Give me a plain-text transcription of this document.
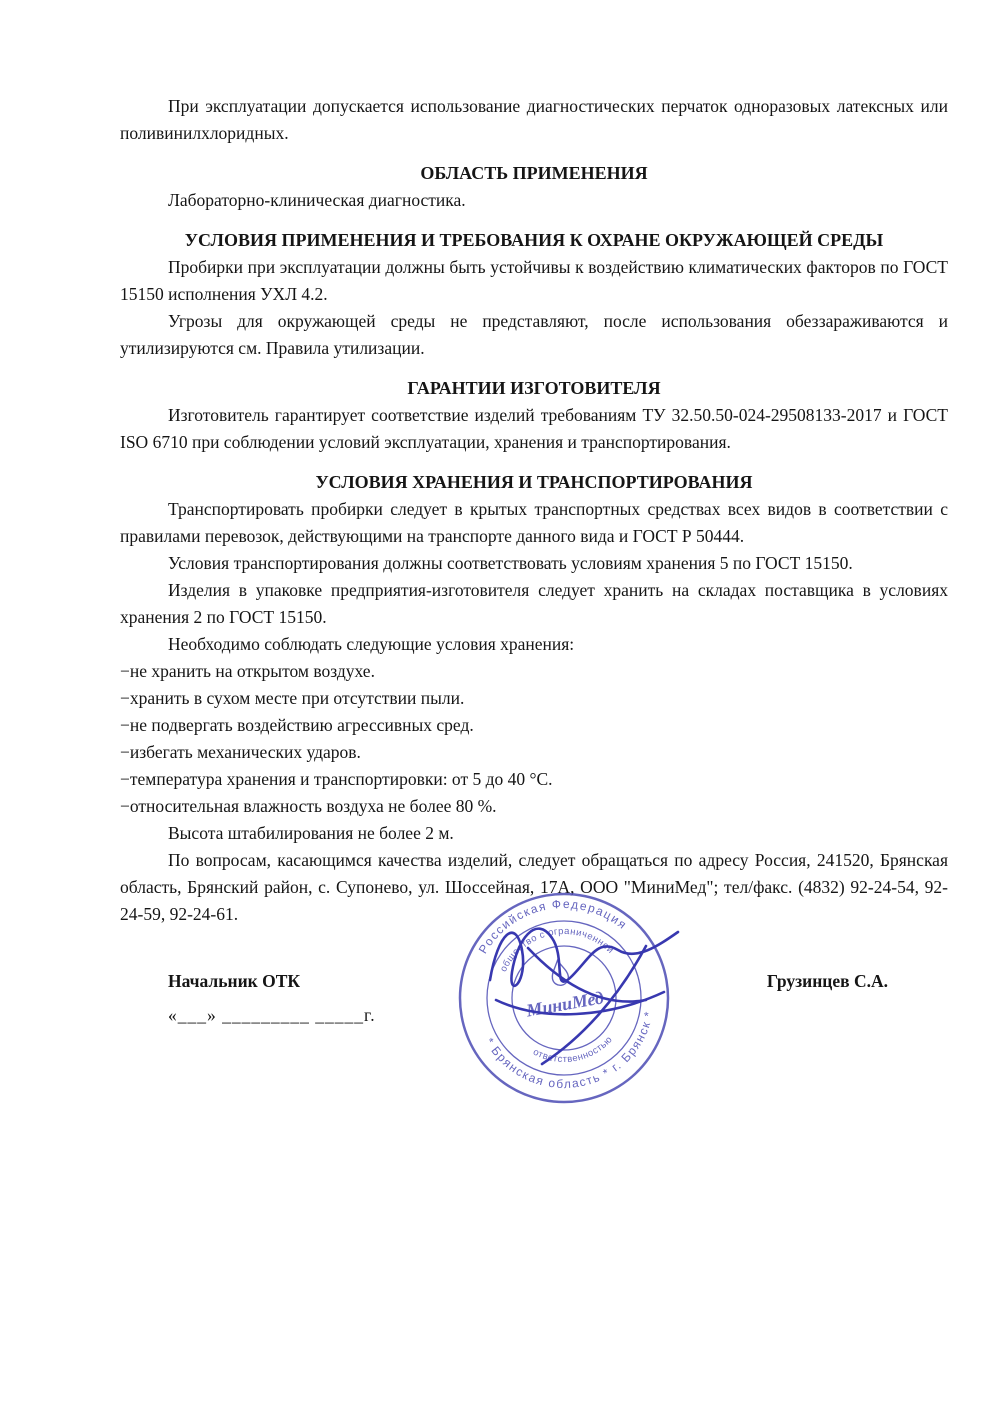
При эксплуатации допускается использование диагностических перчаток одноразовых латексных или поливинилхлоридных.

ОБЛАСТЬ ПРИМЕНЕНИЯ

Лабораторно-клиническая диагностика.

УСЛОВИЯ ПРИМЕНЕНИЯ И ТРЕБОВАНИЯ К ОХРАНЕ ОКРУЖАЮЩЕЙ СРЕДЫ

Пробирки при эксплуатации должны быть устойчивы к воздействию климатических факторов по ГОСТ 15150 исполнения УХЛ 4.2.

Угрозы для окружающей среды не представляют, после использования обеззараживаются и утилизируются см. Правила утилизации.

ГАРАНТИИ ИЗГОТОВИТЕЛЯ

Изготовитель гарантирует соответствие изделий требованиям ТУ 32.50.50-024-29508133-2017 и ГОСТ ISO 6710 при соблюдении условий эксплуатации, хранения и транспортирования.

УСЛОВИЯ ХРАНЕНИЯ И ТРАНСПОРТИРОВАНИЯ

Транспортировать пробирки следует в крытых транспортных средствах всех видов в соответствии с правилами перевозок, действующими на транспорте данного вида и ГОСТ Р 50444.

Условия транспортирования должны соответствовать условиям хранения 5 по ГОСТ 15150.

Изделия в упаковке предприятия-изготовителя следует хранить на складах поставщика в условиях хранения 2 по ГОСТ 15150.

Необходимо соблюдать следующие условия хранения:

−не хранить на открытом воздухе.

−хранить в сухом месте при отсутствии пыли.

−не подвергать воздействию агрессивных сред.

−избегать механических ударов.

−температура хранения и транспортировки: от 5 до 40 °С.

−относительная влажность воздуха не более 80 %.

Высота штабилирования не более 2 м.

По вопросам, касающимся качества изделий, следует обращаться по адресу Россия, 241520, Брянская область, Брянский район, с. Супонево, ул. Шоссейная, 17А, ООО "МиниМед"; тел/факс. (4832) 92-24-54, 92-24-59, 92-24-61.

Начальник ОТК
«___» _________ _____г.
Грузинцев С.А.
Российская Федерация
* Брянская область * г. Брянск *
общество с ограниченной
ответственностью
МиниМед
